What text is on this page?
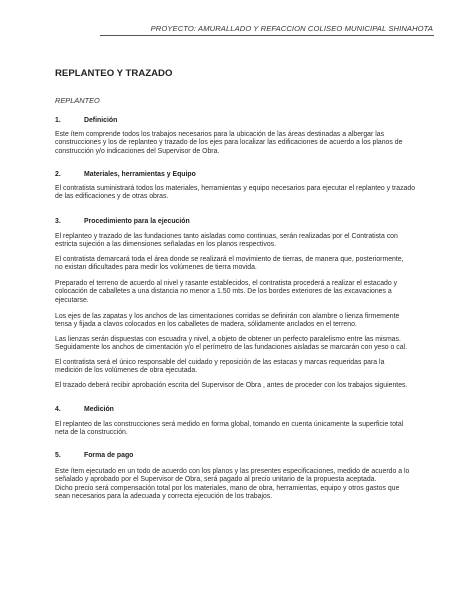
PROYECTO: AMURALLADO Y REFACCION COLISEO MUNICIPAL SHINAHOTA
REPLANTEO Y TRAZADO
REPLANTEO
1.	Definición
Este ítem comprende todos los trabajos necesarios para la ubicación de las áreas destinadas a albergar las
construcciones y los de replanteo y trazado de los ejes para localizar las edificaciones de acuerdo a los planos de
construcción y/o indicaciones del Supervisor de Obra.
2.	Materiales, herramientas y Equipo
El contratista suministrará todos los materiales, herramientas y equipo necesarios para ejecutar el replanteo y trazado
de las edificaciones y de otras obras.
3.	Procedimiento para la ejecución
El replanteo y trazado de las fundaciones tanto aisladas como continuas, serán realizadas por el Contratista con
estricta sujeción a las dimensiones señaladas en los planos respectivos.
El contratista demarcará toda el área donde se realizará el movimiento de tierras, de manera que, posteriormente,
no existan dificultades para medir los volúmenes de tierra movida.
Preparado el terreno de acuerdo al nivel y rasante establecidos, el contratista procederá a realizar el estacado y
colocación de caballetes a una distancia no menor a 1.50 mts. De los bordes exteriores de las excavaciones a
ejecutarse.
Los ejes de las zapatas y los anchos de las cimentaciones corridas se definirán con alambre o lienza firmemente
tensa y fijada a clavos colocados en los caballetes de madera, sólidamente anclados en el terreno.
Las lienzas serán dispuestas con escuadra y nivel, a objeto de obtener un perfecto paralelismo entre las mismas.
Seguidamente los anchos de cimentación y/o el perímetro de las fundaciones aisladas se marcarán con yeso o cal.
El contratista será el único responsable del cuidado y reposición de las estacas y marcas requeridas para la
medición de los volúmenes de obra ejecutada.
El trazado deberá recibir aprobación escrita del Supervisor de Obra , antes de proceder con los trabajos siguientes.
4.	Medición
El replanteo de las construcciones será medido en forma global, tomando en cuenta únicamente la superficie total
neta de la construcción.
5.	Forma de pago
Este ítem ejecutado en un todo de acuerdo con los planos y las presentes especificaciones, medido de acuerdo a lo
señalado y aprobado por el Supervisor de Obra, será pagado al precio unitario de la propuesta aceptada.
Dicho precio será compensación total por los materiales, mano de obra, herramientas, equipo y otros gastos que
sean necesarios para la adecuada y correcta ejecución de los trabajos.
